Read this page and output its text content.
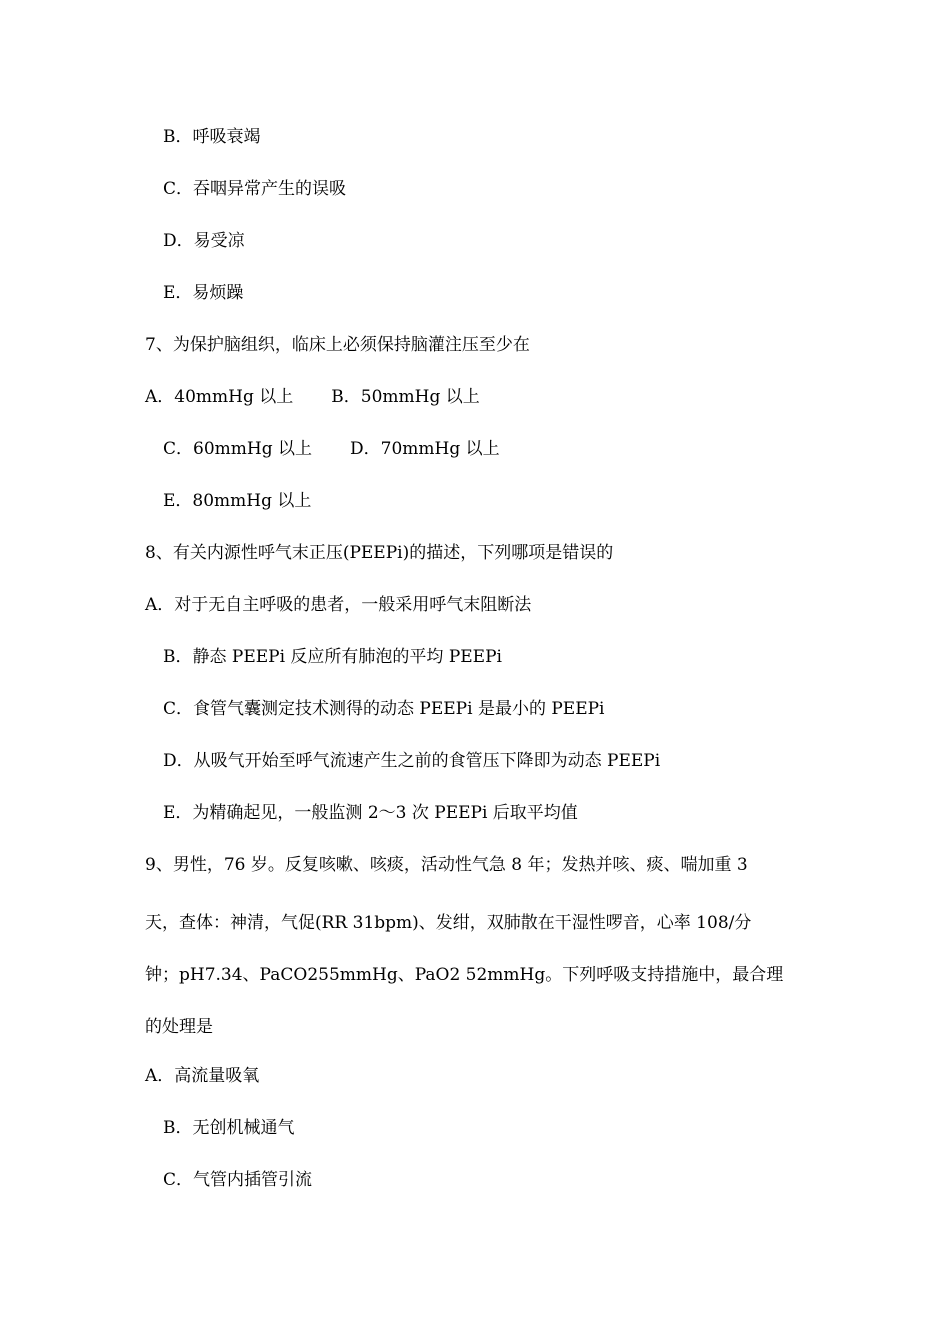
B．呼吸衰竭
C．吞咽异常产生的误吸
D．易受凉
E．易烦躁
7、为保护脑组织，临床上必须保持脑灌注压至少在
A．40mmHg 以上 B．50mmHg 以上
C．60mmHg 以上 D．70mmHg 以上
E．80mmHg 以上
8、有关内源性呼气末正压(PEEPi)的描述，下列哪项是错误的
A．对于无自主呼吸的患者，一般采用呼气末阻断法
B．静态 PEEPi 反应所有肺泡的平均 PEEPi
C．食管气囊测定技术测得的动态 PEEPi 是最小的 PEEPi
D．从吸气开始至呼气流速产生之前的食管压下降即为动态 PEEPi
E．为精确起见，一般监测 2～3 次 PEEPi 后取平均值
9、男性，76 岁。反复咳嗽、咳痰，活动性气急 8 年；发热并咳、痰、喘加重 3
天，查体：神清，气促(RR 31bpm)、发绀，双肺散在干湿性啰音，心率 108/分
钟；pH7.34、PaCO255mmHg、PaO2 52mmHg。下列呼吸支持措施中，最合理
的处理是
A．高流量吸氧
B．无创机械通气
C．气管内插管引流
